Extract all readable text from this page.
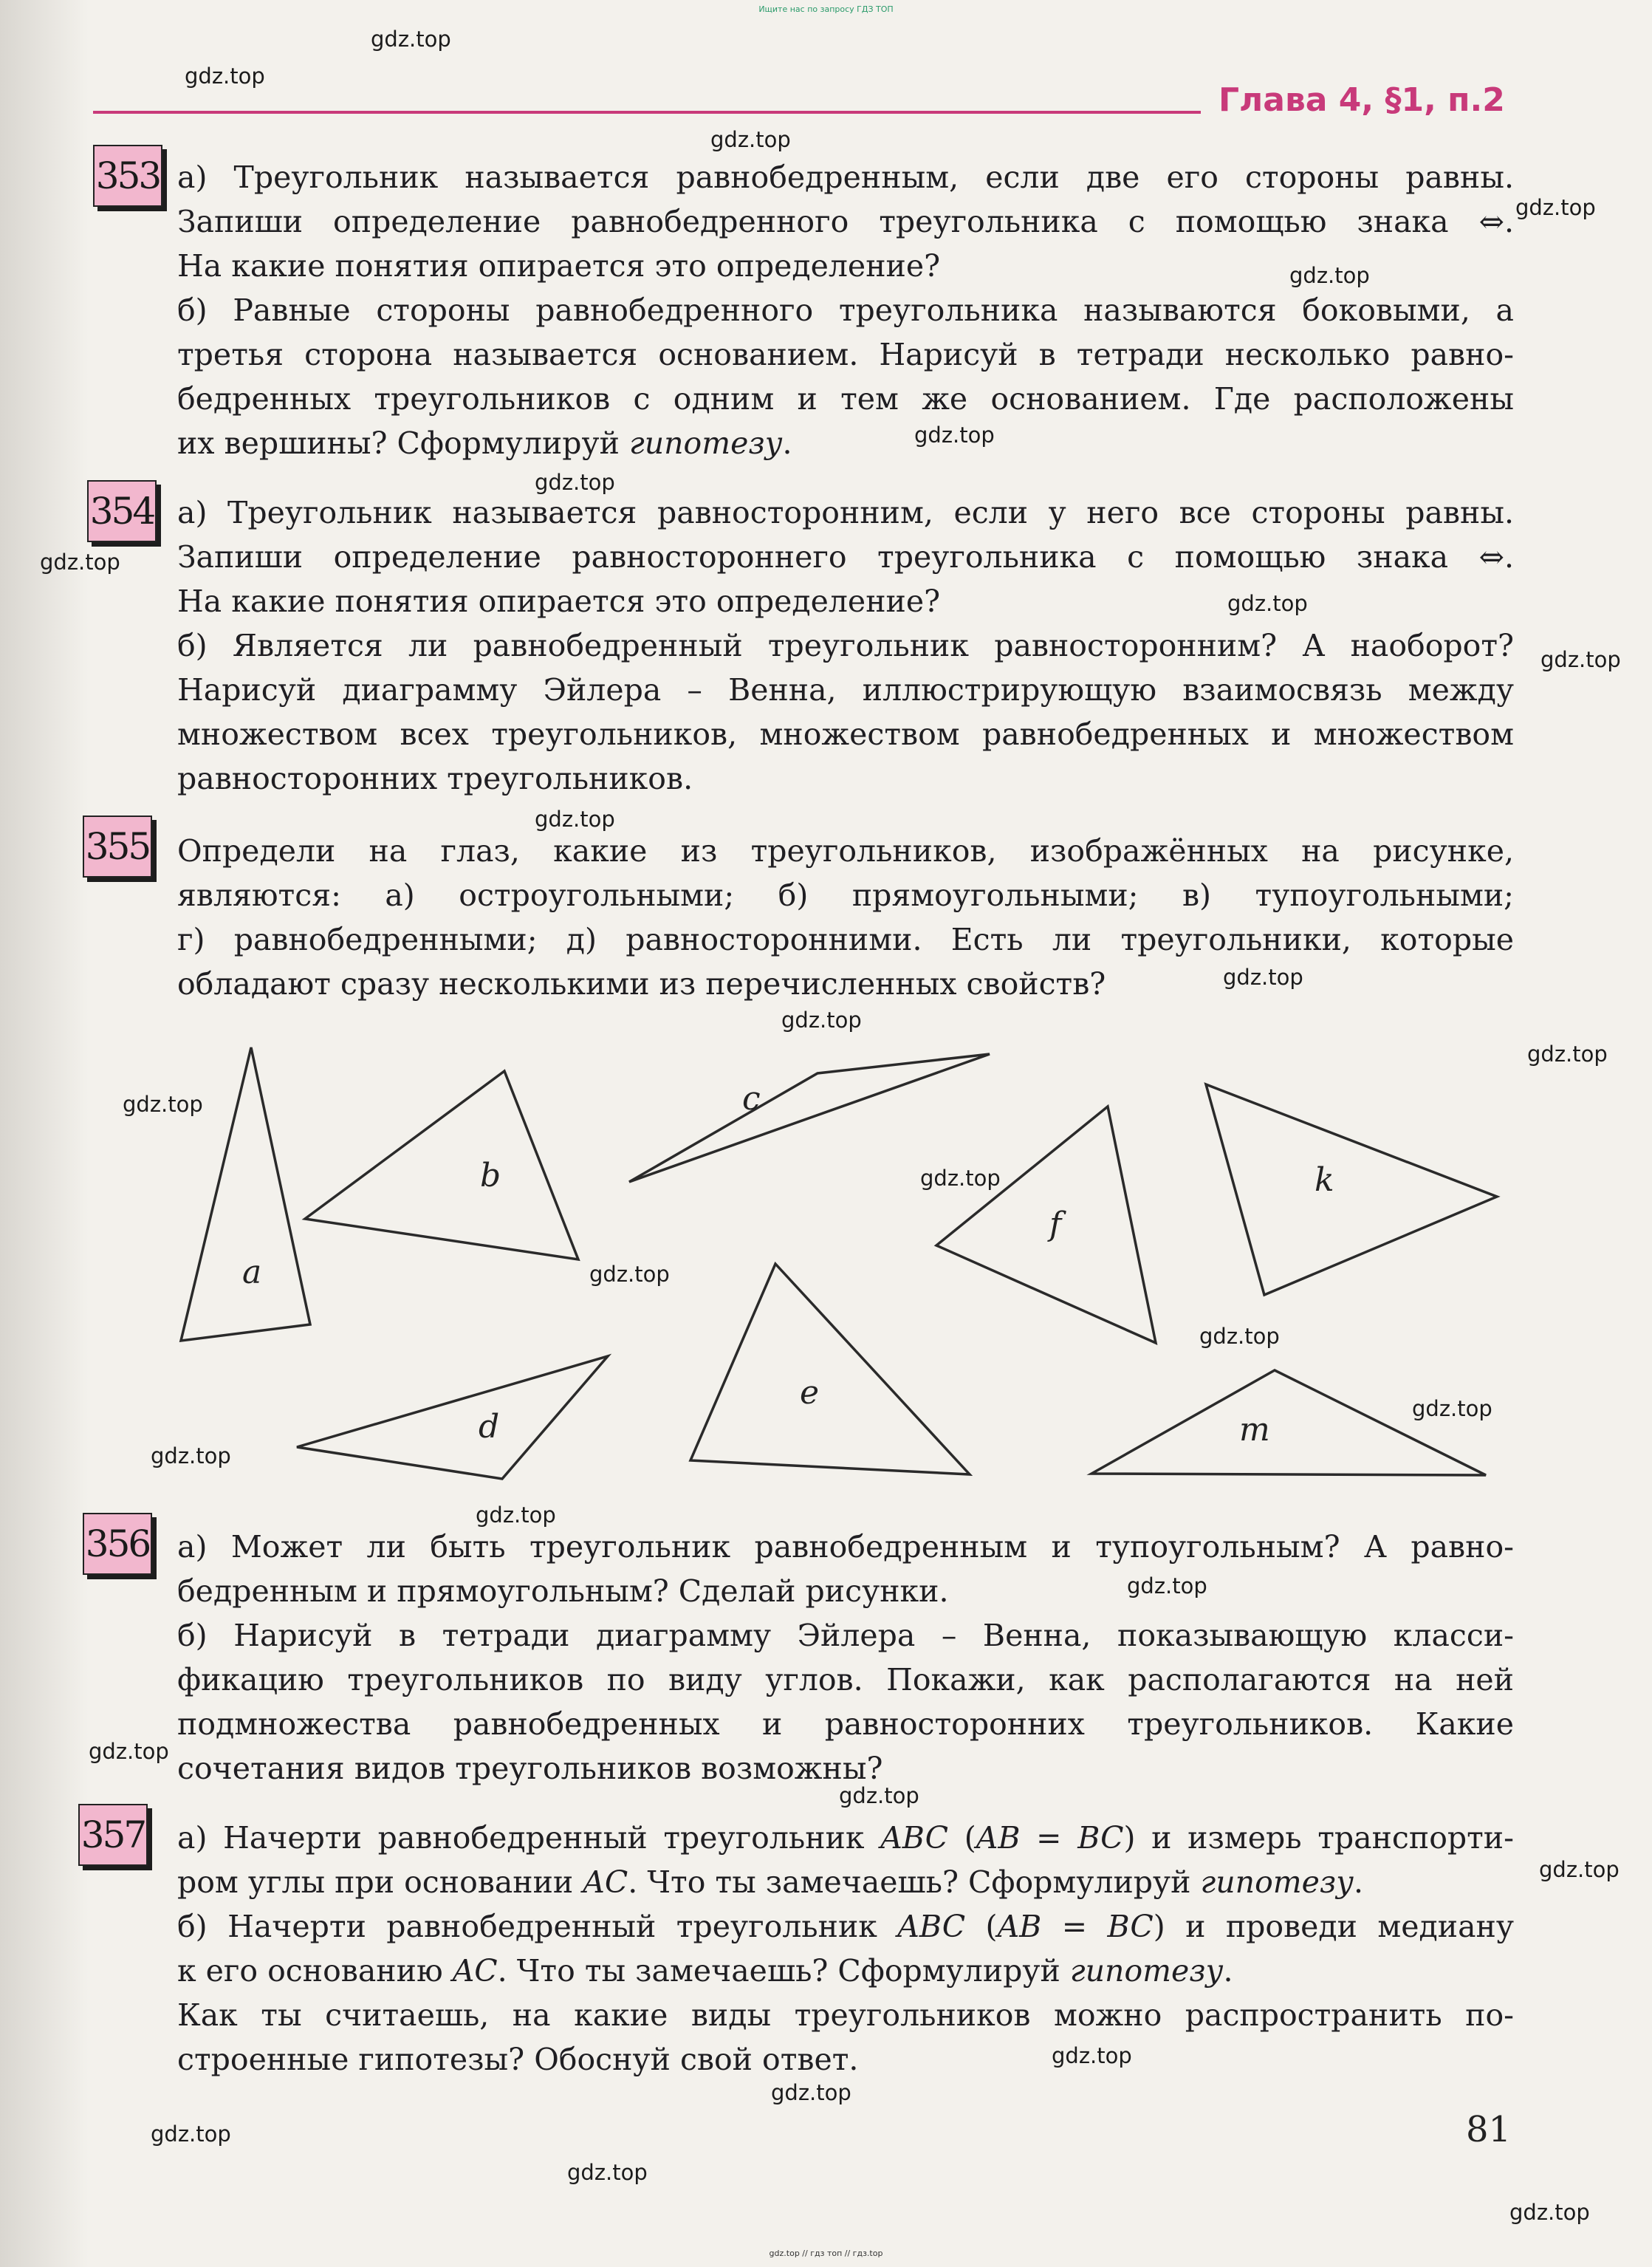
Ищите нас по запросу ГДЗ ТОП
Глава 4, §1, п.2
353 а) Треугольник называется равнобедренным, если две его стороны равны.
Запиши определение равнобедренного треугольника с помощью знака ⇔.
На какие понятия опирается это определение?
б) Равные стороны равнобедренного треугольника называются боковыми, а
третья сторона называется основанием. Нарисуй в тетради несколько равно-
бедренных треугольников с одним и тем же основанием. Где расположены
их вершины? Сформулируй гипотезу.
354 а) Треугольник называется равносторонним, если у него все стороны равны.
Запиши определение равностороннего треугольника с помощью знака ⇔.
На какие понятия опирается это определение?
б) Является ли равнобедренный треугольник равносторонним? А наоборот?
Нарисуй диаграмму Эйлера – Венна, иллюстрирующую взаимосвязь между
множеством всех треугольников, множеством равнобедренных и множеством
равносторонних треугольников.
355 Определи на глаз, какие из треугольников, изображённых на рисунке,
являются: а) остроугольными; б) прямоугольными; в) тупоугольными;
г) равнобедренными; д) равносторонними. Есть ли треугольники, которые
обладают сразу несколькими из перечисленных свойств?
a
b
c
f
k
d
e
m
356 а) Может ли быть треугольник равнобедренным и тупоугольным? А равно-
бедренным и прямоугольным? Сделай рисунки.
б) Нарисуй в тетради диаграмму Эйлера – Венна, показывающую класси-
фикацию треугольников по виду углов. Покажи, как располагаются на ней
подмножества равнобедренных и равносторонних треугольников. Какие
сочетания видов треугольников возможны?
357 а) Начерти равнобедренный треугольник ABC (AB = BC) и измерь транспорти-
ром углы при основании AC. Что ты замечаешь? Сформулируй гипотезу.
б) Начерти равнобедренный треугольник ABC (AB = BC) и проведи медиану
к его основанию AC. Что ты замечаешь? Сформулируй гипотезу.
Как ты считаешь, на какие виды треугольников можно распространить по-
строенные гипотезы? Обоснуй свой ответ.
gdz.top
gdz.top
gdz.top
gdz.top
gdz.top
gdz.top
gdz.top
gdz.top
gdz.top
gdz.top
gdz.top
gdz.top
gdz.top
gdz.top
gdz.top
gdz.top
gdz.top
gdz.top
gdz.top
gdz.top
gdz.top
gdz.top
gdz.top
gdz.top
gdz.top
gdz.top
gdz.top
gdz.top
gdz.top
gdz.top
81
gdz.top // гдз топ // гдз.top
